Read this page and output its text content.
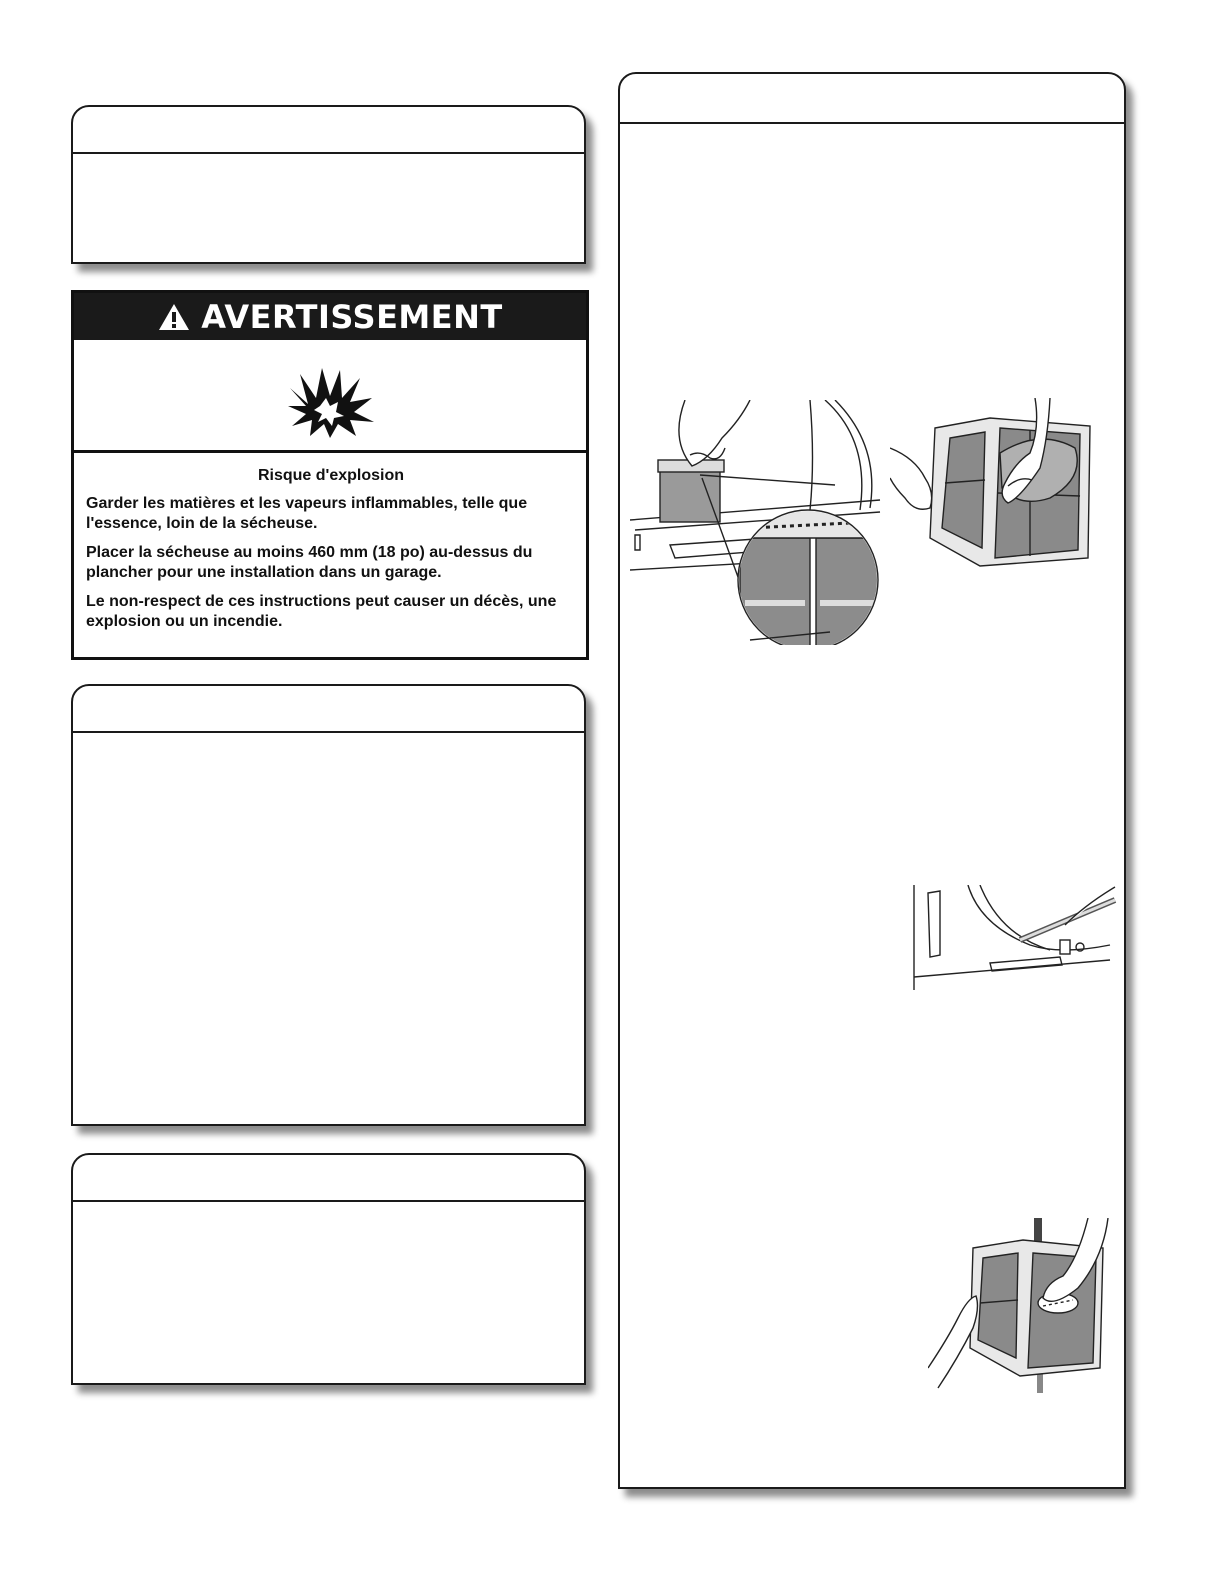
AVERTISSEMENT
Risque d'explosion

Garder les matières et les vapeurs inflammables, telle que l'essence, loin de la sécheuse.

Placer la sécheuse au moins 460 mm (18 po) au-dessus du plancher pour une installation dans un garage.

Le non-respect de ces instructions peut causer un décès, une explosion ou un incendie.
